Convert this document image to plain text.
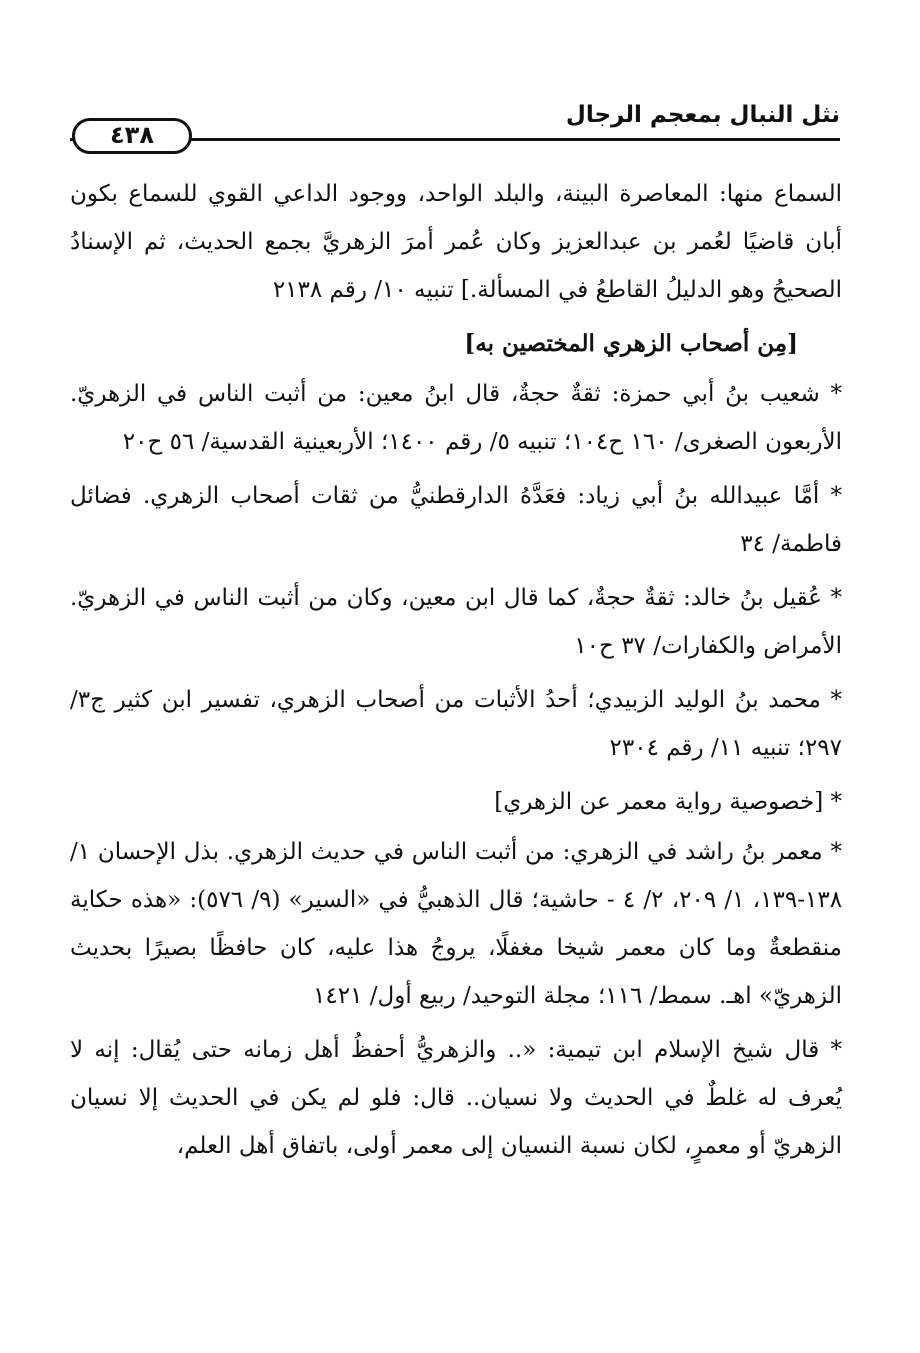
نثل النبال بمعجم الرجال
٤٣٨

السماع منها: المعاصرة البينة، والبلد الواحد، ووجود الداعي القوي للسماع بكون أبان قاضيًا لعُمر بن عبدالعزيز وكان عُمر أمرَ الزهريَّ بجمع الحديث، ثم الإسنادُ الصحيحُ وهو الدليلُ القاطعُ في المسألة.] تنبيه ١٠/ رقم ٢١٣٨

[مِن أصحاب الزهري المختصين به]

* شعيب بنُ أبي حمزة: ثقةٌ حجةٌ، قال ابنُ معين: من أثبت الناس في الزهريّ. الأربعون الصغرى/ ١٦٠ ح١٠٤؛ تنبيه ٥/ رقم ١٤٠٠؛ الأربعينية القدسية/ ٥٦ ح٢٠

* أمَّا عبيدالله بنُ أبي زياد: فعَدَّهُ الدارقطنيُّ من ثقات أصحاب الزهري. فضائل فاطمة/ ٣٤

* عُقيل بنُ خالد: ثقةٌ حجةٌ، كما قال ابن معين، وكان من أثبت الناس في الزهريّ. الأمراض والكفارات/ ٣٧ ح١٠

* محمد بنُ الوليد الزبيدي؛ أحدُ الأثبات من أصحاب الزهري، تفسير ابن كثير ج٣/ ٢٩٧؛ تنبيه ١١/ رقم ٢٣٠٤

* [خصوصية رواية معمر عن الزهري]

* معمر بنُ راشد في الزهري: من أثبت الناس في حديث الزهري. بذل الإحسان ١/ ١٣٨-١٣٩، ١/ ٢٠٩، ٢/ ٤ - حاشية؛ قال الذهبيُّ في «السير» (٩/ ٥٧٦): «هذه حكاية منقطعةٌ وما كان معمر شيخا مغفلًا، يروجُ هذا عليه، كان حافظًا بصيرًا بحديث الزهريّ» اهـ. سمط/ ١١٦؛ مجلة التوحيد/ ربيع أول/ ١٤٢١

* قال شيخ الإسلام ابن تيمية: «.. والزهريُّ أحفظُ أهل زمانه حتى يُقال: إنه لا يُعرف له غلطٌ في الحديث ولا نسيان.. قال: فلو لم يكن في الحديث إلا نسيان الزهريّ أو معمرٍ، لكان نسبة النسيان إلى معمر أولى، باتفاق أهل العلم،
